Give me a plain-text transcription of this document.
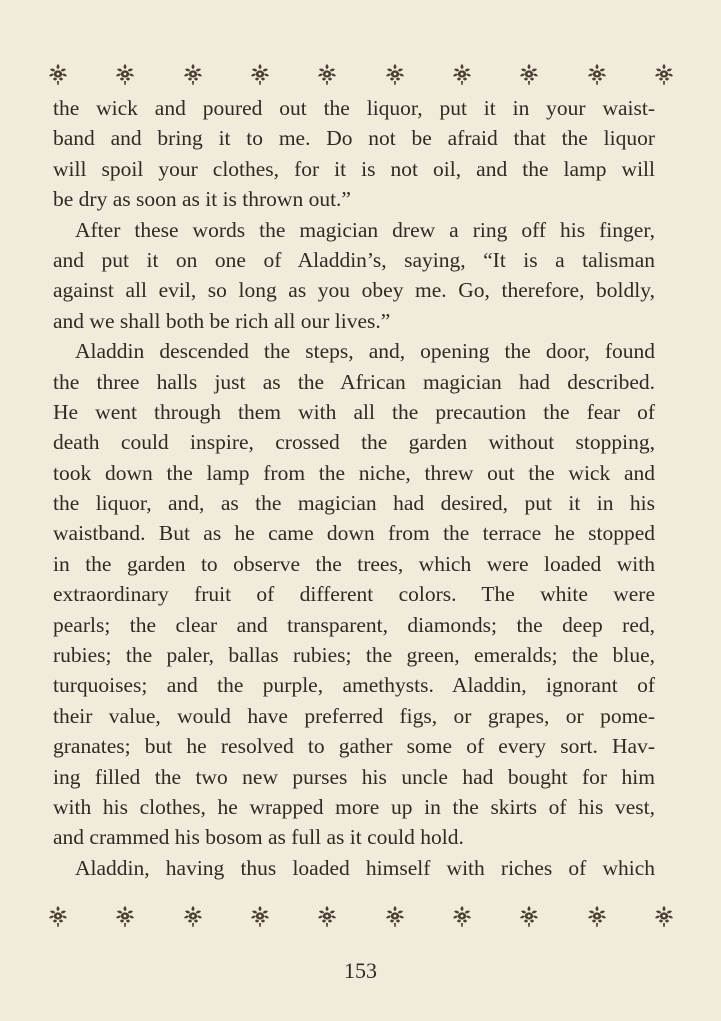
the wick and poured out the liquor, put it in your waist-
band and bring it to me. Do not be afraid that the liquor
will spoil your clothes, for it is not oil, and the lamp will
be dry as soon as it is thrown out.”
After these words the magician drew a ring off his finger,
and put it on one of Aladdin’s, saying, “It is a talisman
against all evil, so long as you obey me. Go, therefore, boldly,
and we shall both be rich all our lives.”
Aladdin descended the steps, and, opening the door, found
the three halls just as the African magician had described.
He went through them with all the precaution the fear of
death could inspire, crossed the garden without stopping,
took down the lamp from the niche, threw out the wick and
the liquor, and, as the magician had desired, put it in his
waistband. But as he came down from the terrace he stopped
in the garden to observe the trees, which were loaded with
extraordinary fruit of different colors. The white were
pearls; the clear and transparent, diamonds; the deep red,
rubies; the paler, ballas rubies; the green, emeralds; the blue,
turquoises; and the purple, amethysts. Aladdin, ignorant of
their value, would have preferred figs, or grapes, or pome-
granates; but he resolved to gather some of every sort. Hav-
ing filled the two new purses his uncle had bought for him
with his clothes, he wrapped more up in the skirts of his vest,
and crammed his bosom as full as it could hold.
Aladdin, having thus loaded himself with riches of which
153
